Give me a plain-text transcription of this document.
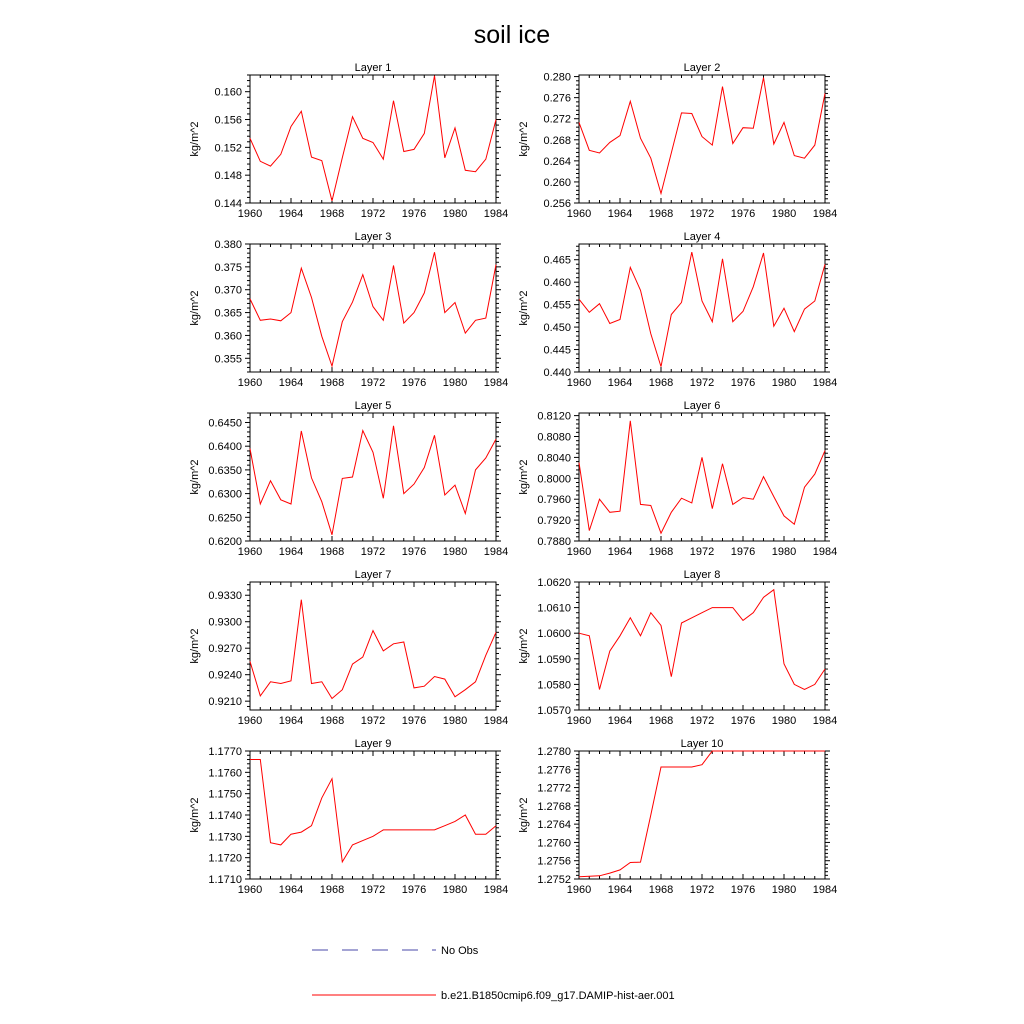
soil ice
Layer 1
kg/m^2
1960 1964 1968 1972 1976 1980 1984
0.144
0.148
0.152
0.156
0.160
Layer 2
kg/m^2
1960 1964 1968 1972 1976 1980 1984
0.256
0.260
0.264
0.268
0.272
0.276
0.280
Layer 3
kg/m^2
1960 1964 1968 1972 1976 1980 1984
0.355
0.360
0.365
0.370
0.375
0.380
Layer 4
kg/m^2
1960 1964 1968 1972 1976 1980 1984
0.440
0.445
0.450
0.455
0.460
0.465
Layer 5
kg/m^2
1960 1964 1968 1972 1976 1980 1984
0.6200
0.6250
0.6300
0.6350
0.6400
0.6450
Layer 6
kg/m^2
1960 1964 1968 1972 1976 1980 1984
0.7880
0.7920
0.7960
0.8000
0.8040
0.8080
0.8120
Layer 7
kg/m^2
1960 1964 1968 1972 1976 1980 1984
0.9210
0.9240
0.9270
0.9300
0.9330
Layer 8
kg/m^2
1960 1964 1968 1972 1976 1980 1984
1.0570
1.0580
1.0590
1.0600
1.0610
1.0620
Layer 9
kg/m^2
1960 1964 1968 1972 1976 1980 1984
1.1710
1.1720
1.1730
1.1740
1.1750
1.1760
1.1770
Layer 10
kg/m^2
1960 1964 1968 1972 1976 1980 1984
1.2752
1.2756
1.2760
1.2764
1.2768
1.2772
1.2776
1.2780
No Obs
b.e21.B1850cmip6.f09_g17.DAMIP-hist-aer.001
